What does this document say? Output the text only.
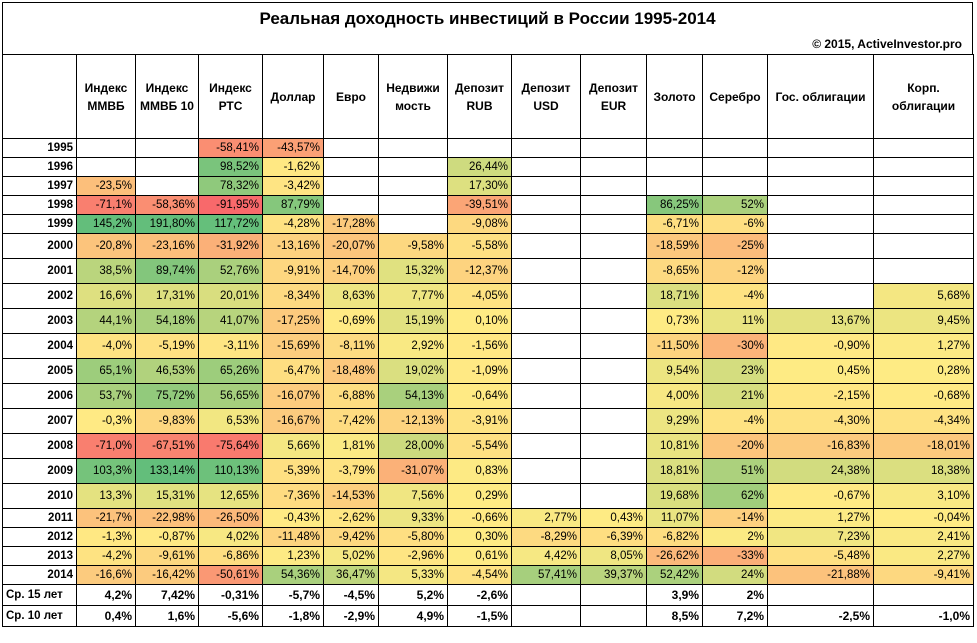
Реальная доходность инвестиций в России 1995-2014
© 2015, ActiveInvestor.pro
	Индекс ММВБ	Индекс ММВБ 10	Индекс РТС	Доллар	Евро	Недвижи мость	Депозит RUB	Депозит USD	Депозит EUR	Золото	Серебро	Гос. облигации	Корп. облигации
1995			-58,41%	-43,57%									
1996			98,52%	-1,62%			26,44%						
1997	-23,5%		78,32%	-3,42%			17,30%						
1998	-71,1%	-58,36%	-91,95%	87,79%			-39,51%			86,25%	52%		
1999	145,2%	191,80%	117,72%	-4,28%	-17,28%		-9,08%			-6,71%	-6%		
2000	-20,8%	-23,16%	-31,92%	-13,16%	-20,07%	-9,58%	-5,58%			-18,59%	-25%		
2001	38,5%	89,74%	52,76%	-9,91%	-14,70%	15,32%	-12,37%			-8,65%	-12%		
2002	16,6%	17,31%	20,01%	-8,34%	8,63%	7,77%	-4,05%			18,71%	-4%		5,68%
2003	44,1%	54,18%	41,07%	-17,25%	-0,69%	15,19%	0,10%			0,73%	11%	13,67%	9,45%
2004	-4,0%	-5,19%	-3,11%	-15,69%	-8,11%	2,92%	-1,56%			-11,50%	-30%	-0,90%	1,27%
2005	65,1%	46,53%	65,26%	-6,47%	-18,48%	19,02%	-1,09%			9,54%	23%	0,45%	0,28%
2006	53,7%	75,72%	56,65%	-16,07%	-6,88%	54,13%	-0,64%			4,00%	21%	-2,15%	-0,68%
2007	-0,3%	-9,83%	6,53%	-16,67%	-7,42%	-12,13%	-3,91%			9,29%	-4%	-4,30%	-4,34%
2008	-71,0%	-67,51%	-75,64%	5,66%	1,81%	28,00%	-5,54%			10,81%	-20%	-16,83%	-18,01%
2009	103,3%	133,14%	110,13%	-5,39%	-3,79%	-31,07%	0,83%			18,81%	51%	24,38%	18,38%
2010	13,3%	15,31%	12,65%	-7,36%	-14,53%	7,56%	0,29%			19,68%	62%	-0,67%	3,10%
2011	-21,7%	-22,98%	-26,50%	-0,43%	-2,62%	9,33%	-0,66%	2,77%	0,43%	11,07%	-14%	1,27%	-0,04%
2012	-1,3%	-0,87%	4,02%	-11,48%	-9,42%	-5,80%	0,30%	-8,29%	-6,39%	-6,82%	2%	7,23%	2,41%
2013	-4,2%	-9,61%	-6,86%	1,23%	5,02%	-2,96%	0,61%	4,42%	8,05%	-26,62%	-33%	-5,48%	2,27%
2014	-16,6%	-16,42%	-50,61%	54,36%	36,47%	5,33%	-4,54%	57,41%	39,37%	52,42%	24%	-21,88%	-9,41%
Ср. 15 лет	4,2%	7,42%	-0,31%	-5,7%	-4,5%	5,2%	-2,6%			3,9%	2%		
Ср. 10 лет	0,4%	1,6%	-5,6%	-1,8%	-2,9%	4,9%	-1,5%			8,5%	7,2%	-2,5%	-1,0%
